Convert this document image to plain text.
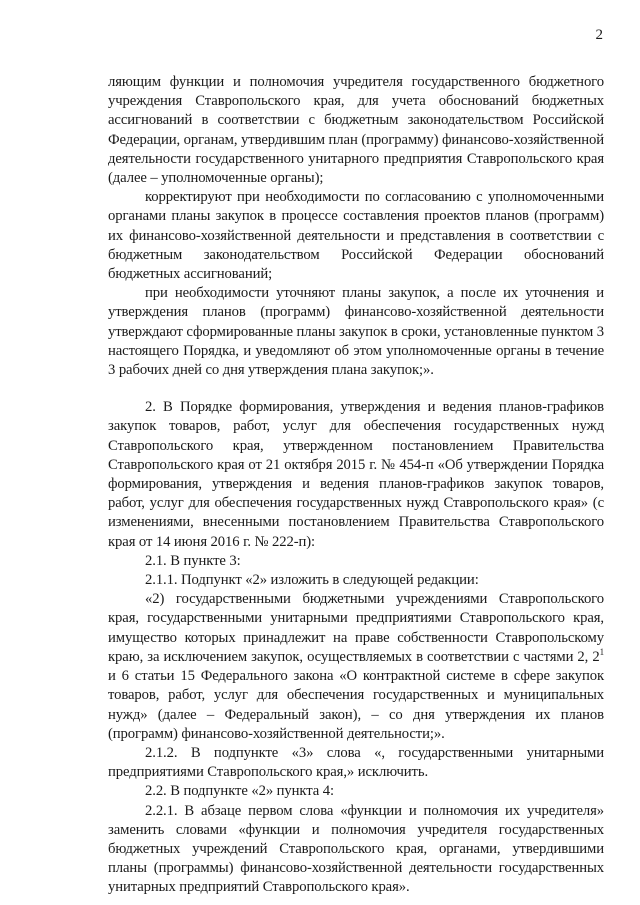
2

ляющим функции и полномочия учредителя государственного бюджетного учреждения Ставропольского края, для учета обоснований бюджетных ассигнований в соответствии с бюджетным законодательством Российской Федерации, органам, утвердившим план (программу) финансово-хозяйственной деятельности государственного унитарного предприятия Ставропольского края (далее – уполномоченные органы);

корректируют при необходимости по согласованию с уполномоченными органами планы закупок в процессе составления проектов планов (программ) их финансово-хозяйственной деятельности и представления в соответствии с бюджетным законодательством Российской Федерации обоснований бюджетных ассигнований;

при необходимости уточняют планы закупок, а после их уточнения и утверждения планов (программ) финансово-хозяйственной деятельности утверждают сформированные планы закупок в сроки, установленные пунктом 3 настоящего Порядка, и уведомляют об этом уполномоченные органы в течение 3 рабочих дней со дня утверждения плана закупок;».

2. В Порядке формирования, утверждения и ведения планов-графиков закупок товаров, работ, услуг для обеспечения государственных нужд Ставропольского края, утвержденном постановлением Правительства Ставропольского края от 21 октября 2015 г. № 454-п «Об утверждении Порядка формирования, утверждения и ведения планов-графиков закупок товаров, работ, услуг для обеспечения государственных нужд Ставропольского края» (с изменениями, внесенными постановлением Правительства Ставропольского края от 14 июня 2016 г. № 222-п):

2.1. В пункте 3:

2.1.1. Подпункт «2» изложить в следующей редакции:

«2) государственными бюджетными учреждениями Ставропольского края, государственными унитарными предприятиями Ставропольского края, имущество которых принадлежит на праве собственности Ставропольскому краю, за исключением закупок, осуществляемых в соответствии с частями 2, $2^1$ и 6 статьи 15 Федерального закона «О контрактной системе в сфере закупок товаров, работ, услуг для обеспечения государственных и муниципальных нужд» (далее – Федеральный закон), – со дня утверждения их планов (программ) финансово-хозяйственной деятельности;».

2.1.2. В подпункте «3» слова «, государственными унитарными предприятиями Ставропольского края,» исключить.

2.2. В подпункте «2» пункта 4:

2.2.1. В абзаце первом слова «функции и полномочия их учредителя» заменить словами «функции и полномочия учредителя государственных бюджетных учреждений Ставропольского края, органами, утвердившими планы (программы) финансово-хозяйственной деятельности государственных унитарных предприятий Ставропольского края».
